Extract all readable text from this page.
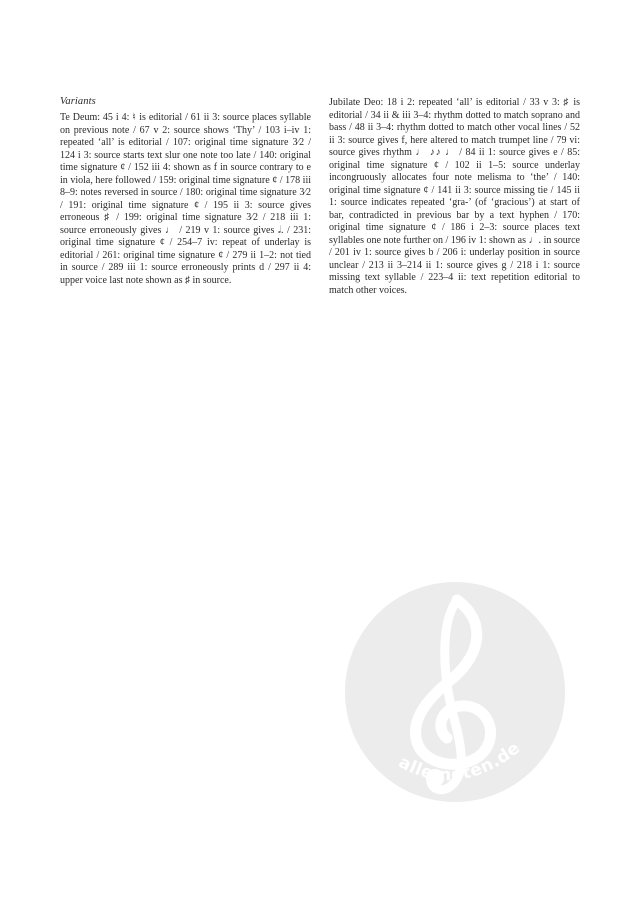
Variants

Te Deum: 45 i 4: ♮ is editorial / 61 ii 3: source places syllable on previous note / 67 v 2: source shows ‘Thy’ / 103 i–iv 1: repeated ‘all’ is editorial / 107: original time signature 3⁄2 / 124 i 3: source starts text slur one note too late / 140: original time signature ¢ / 152 iii 4: shown as f in source contrary to e in viola, here followed / 159: original time signature ¢ / 178 iii 8–9: notes reversed in source / 180: original time signature 3⁄2 / 191: original time signature ¢ / 195 ii 3: source gives erroneous ♯ / 199: original time signature 3⁄2 / 218 iii 1: source erroneously gives ♩ / 219 v 1: source gives 𝅗𝅥. / 231: original time signature ¢ / 254–7 iv: repeat of underlay is editorial / 261: original time signature ¢ / 279 ii 1–2: not tied in source / 289 iii 1: source erroneously prints d / 297 ii 4: upper voice last note shown as ♯ in source.

Jubilate Deo: 18 i 2: repeated ‘all’ is editorial / 33 v 3: ♯ is editorial / 34 ii & iii 3–4: rhythm dotted to match soprano and bass / 48 ii 3–4: rhythm dotted to match other vocal lines / 52 ii 3: source gives f, here altered to match trumpet line / 79 vi: source gives rhythm ♩ ♪♪ ♩ / 84 ii 1: source gives e / 85: original time signature ¢ / 102 ii 1–5: source underlay incongruously allocates four note melisma to ‘the’ / 140: original time signature ¢ / 141 ii 3: source missing tie / 145 ii 1: source indicates repeated ‘gra-’ (of ‘gracious’) at start of bar, contradicted in previous bar by a text hyphen / 170: original time signature ¢ / 186 i 2–3: source places text syllables one note further on / 196 iv 1: shown as ♩. in source / 201 iv 1: source gives b / 206 i: underlay position in source unclear / 213 ii 3–214 ii 1: source gives g / 218 i 1: source missing text syllable / 223–4 ii: text repetition editorial to match other voices.

alle-noten.de
